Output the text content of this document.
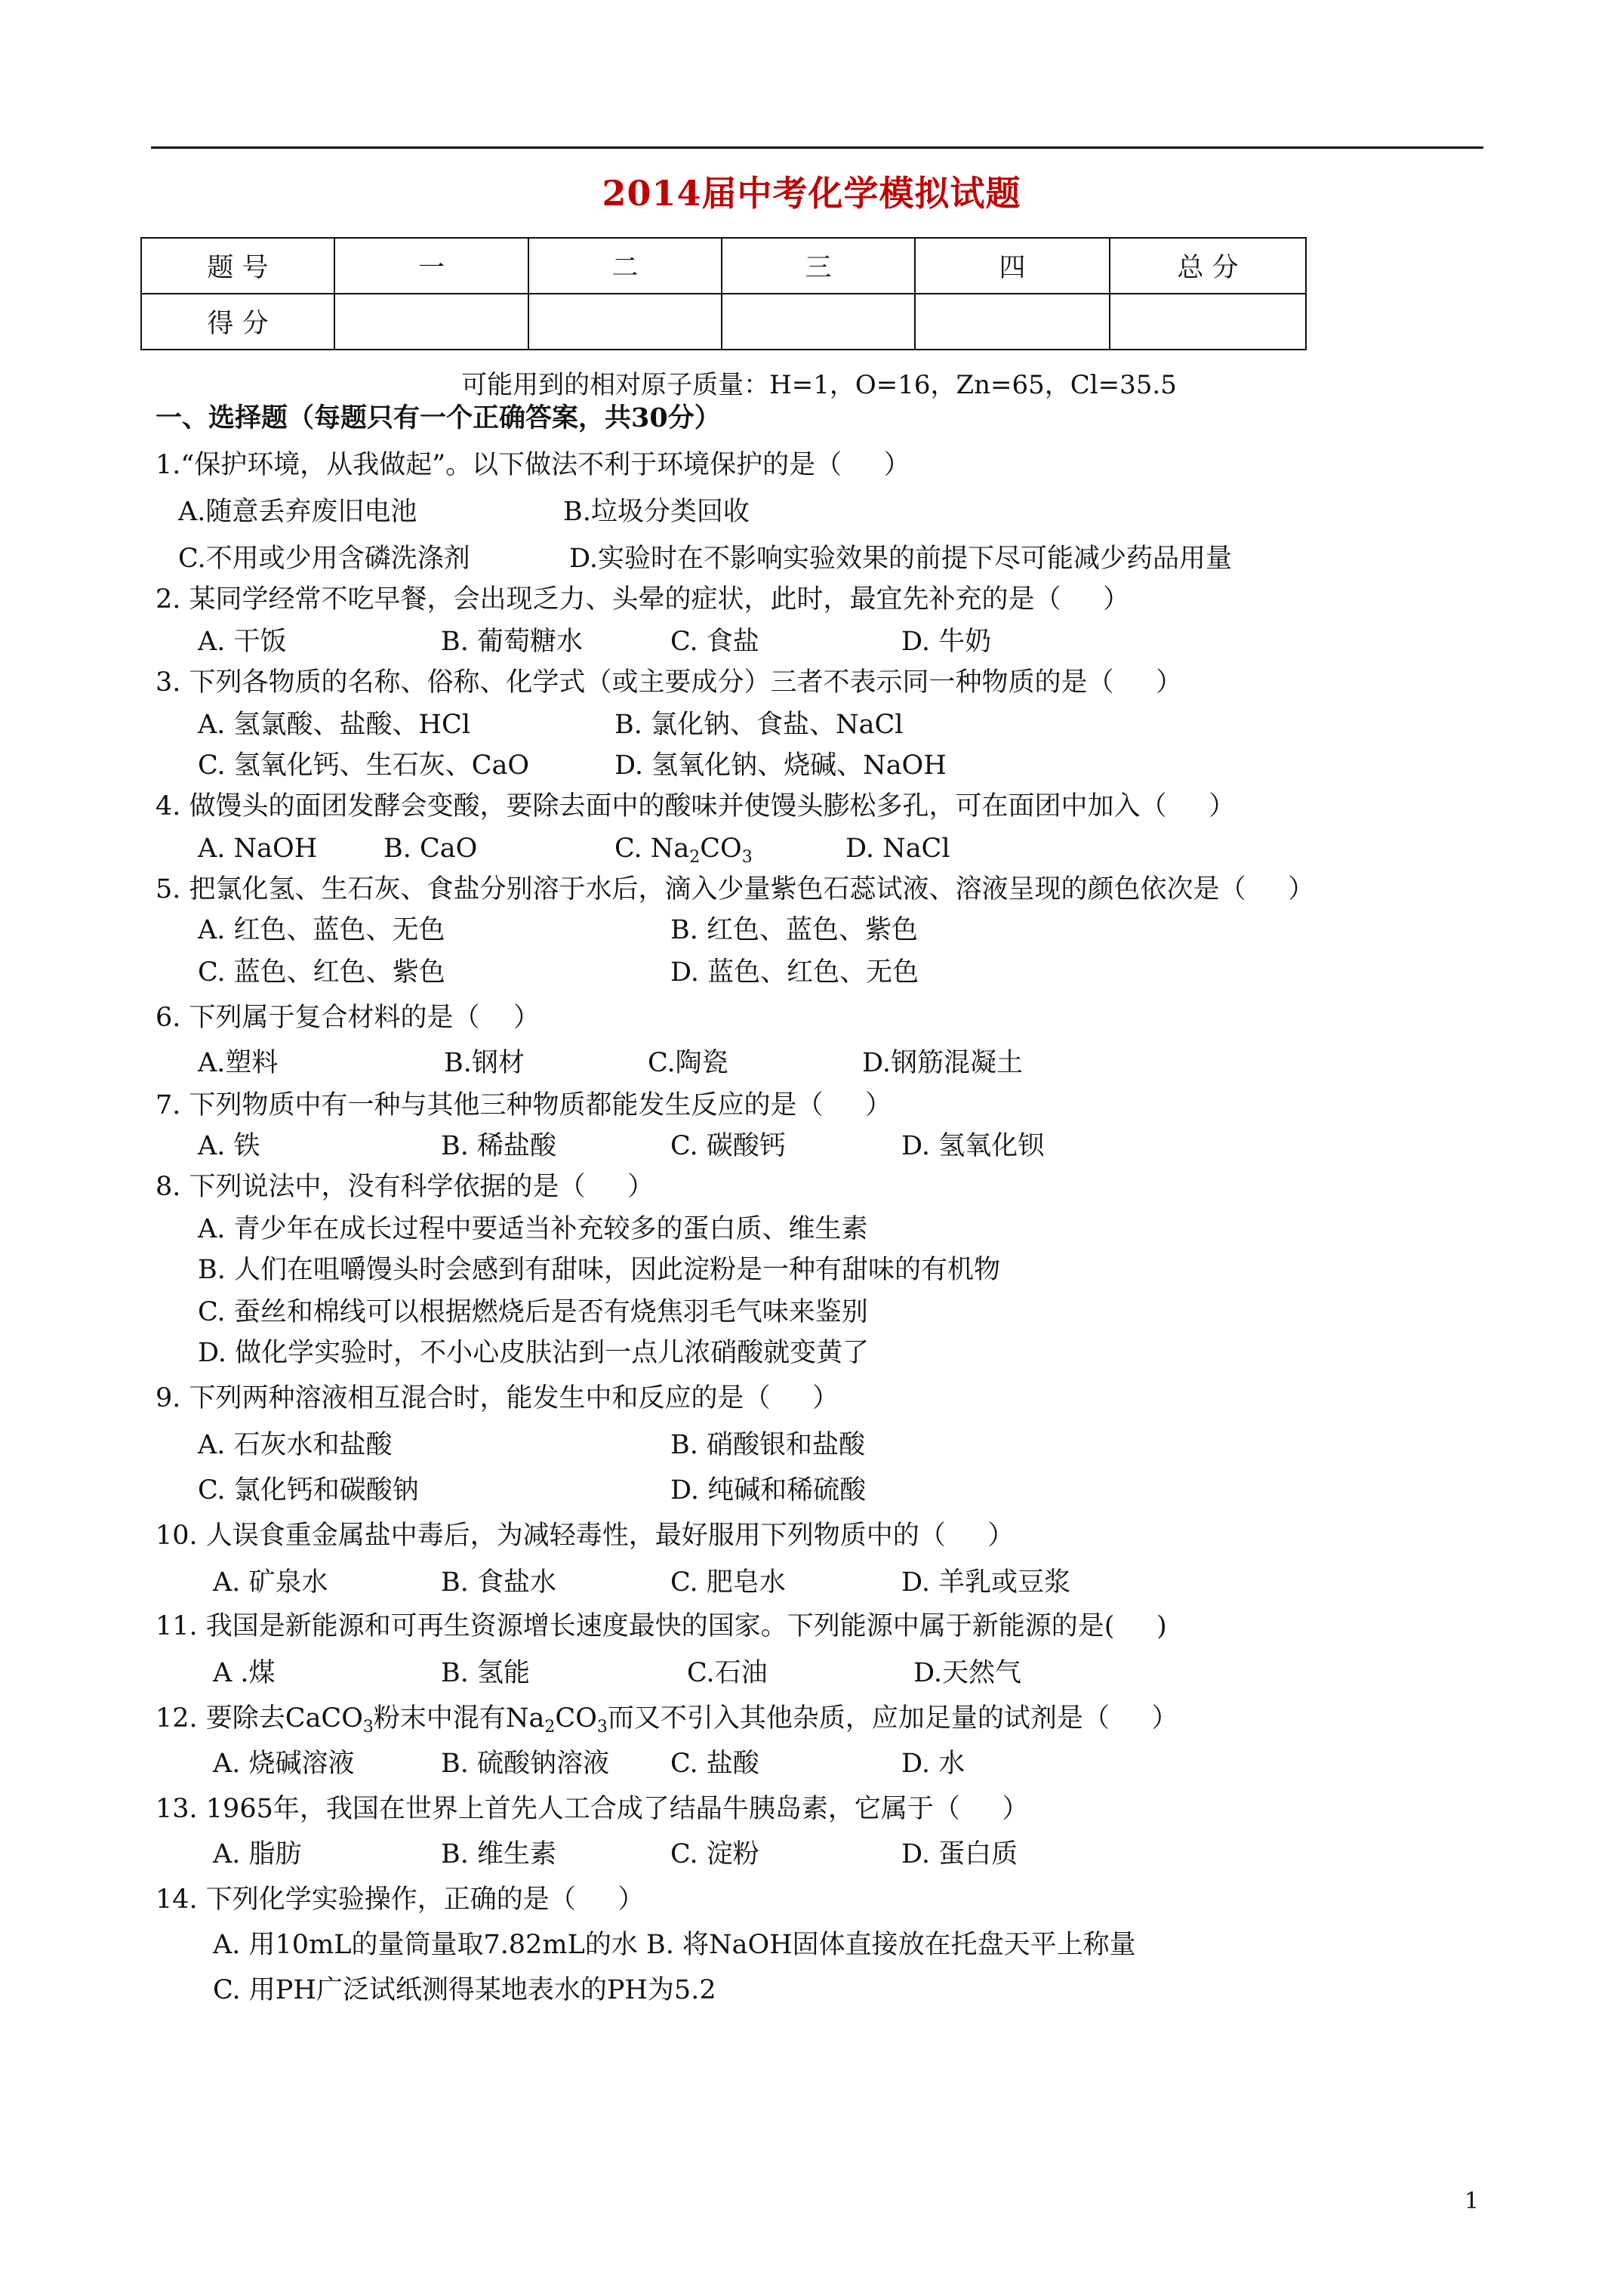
2014届中考化学模拟试题
题 号	一	二	三	四	总 分
得 分					
可能用到的相对原子质量：H=1，O=16，Zn=65，Cl=35.5
一、选择题（每题只有一个正确答案，共30分）
1.“保护环境，从我做起”。以下做法不利于环境保护的是（     ）
A.随意丢弃废旧电池	B.垃圾分类回收
C.不用或少用含磷洗涤剂	D.实验时在不影响实验效果的前提下尽可能减少药品用量
2. 某同学经常不吃早餐，会出现乏力、头晕的症状，此时，最宜先补充的是（     ）
A. 干饭	B. 葡萄糖水	C. 食盐	D. 牛奶
3. 下列各物质的名称、俗称、化学式（或主要成分）三者不表示同一种物质的是（     ）
A. 氢氯酸、盐酸、HCl	B. 氯化钠、食盐、NaCl
C. 氢氧化钙、生石灰、CaO	D. 氢氧化钠、烧碱、NaOH
4. 做馒头的面团发酵会变酸，要除去面中的酸味并使馒头膨松多孔，可在面团中加入（     ）
A. NaOH	B. CaO	C. $Na_2CO_3$	D. NaCl
5. 把氯化氢、生石灰、食盐分别溶于水后，滴入少量紫色石蕊试液、溶液呈现的颜色依次是（     ）
A. 红色、蓝色、无色	B. 红色、蓝色、紫色
C. 蓝色、红色、紫色	D. 蓝色、红色、无色
6. 下列属于复合材料的是（    ）
A.塑料	B.钢材	C.陶瓷	D.钢筋混凝土
7. 下列物质中有一种与其他三种物质都能发生反应的是（     ）
A. 铁	B. 稀盐酸	C. 碳酸钙	D. 氢氧化钡
8. 下列说法中，没有科学依据的是（     ）
A. 青少年在成长过程中要适当补充较多的蛋白质、维生素
B. 人们在咀嚼馒头时会感到有甜味，因此淀粉是一种有甜味的有机物
C. 蚕丝和棉线可以根据燃烧后是否有烧焦羽毛气味来鉴别
D. 做化学实验时，不小心皮肤沾到一点儿浓硝酸就变黄了
9. 下列两种溶液相互混合时，能发生中和反应的是（     ）
A. 石灰水和盐酸	B. 硝酸银和盐酸
C. 氯化钙和碳酸钠	D. 纯碱和稀硫酸
10. 人误食重金属盐中毒后，为减轻毒性，最好服用下列物质中的（     ）
A. 矿泉水	B. 食盐水	C. 肥皂水	D. 羊乳或豆浆
11. 我国是新能源和可再生资源增长速度最快的国家。下列能源中属于新能源的是(     )
A .煤	B. 氢能	C.石油	D.天然气
12. 要除去CaCO$_3$粉末中混有$Na_2CO_3$而又不引入其他杂质，应加足量的试剂是（     ）
A. 烧碱溶液	B. 硫酸钠溶液 C. 盐酸	D. 水
13. 1965年，我国在世界上首先人工合成了结晶牛胰岛素，它属于（     ）
A. 脂肪	B. 维生素	C. 淀粉	D. 蛋白质
14. 下列化学实验操作，正确的是（     ）
A. 用10mL的量筒量取7.82mL的水 B. 将NaOH固体直接放在托盘天平上称量
C. 用PH广泛试纸测得某地表水的PH为5.2
1
